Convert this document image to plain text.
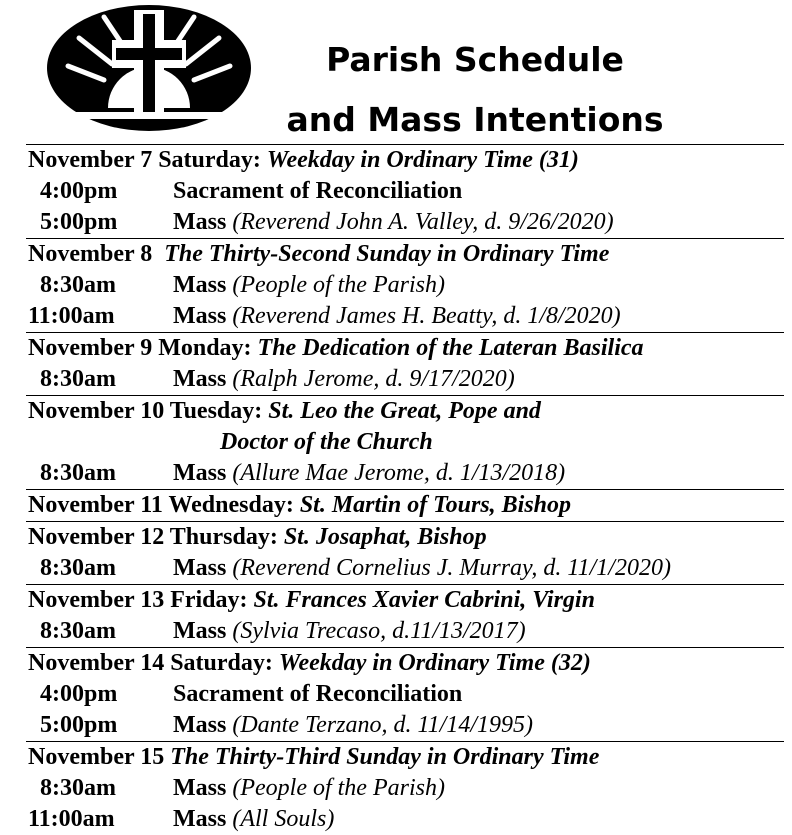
Parish Schedule
and Mass Intentions
November 7 Saturday: Weekday in Ordinary Time (31)
4:00pm Sacrament of Reconciliation
5:00pm Mass (Reverend John A. Valley, d. 9/26/2020)
November 8 The Thirty-Second Sunday in Ordinary Time
8:30am Mass (People of the Parish)
11:00am Mass (Reverend James H. Beatty, d. 1/8/2020)
November 9 Monday: The Dedication of the Lateran Basilica
8:30am Mass (Ralph Jerome, d. 9/17/2020)
November 10 Tuesday: St. Leo the Great, Pope and
Doctor of the Church
8:30am Mass (Allure Mae Jerome, d. 1/13/2018)
November 11 Wednesday: St. Martin of Tours, Bishop
November 12 Thursday: St. Josaphat, Bishop
8:30am Mass (Reverend Cornelius J. Murray, d. 11/1/2020)
November 13 Friday: St. Frances Xavier Cabrini, Virgin
8:30am Mass (Sylvia Trecaso, d.11/13/2017)
November 14 Saturday: Weekday in Ordinary Time (32)
4:00pm Sacrament of Reconciliation
5:00pm Mass (Dante Terzano, d. 11/14/1995)
November 15 The Thirty-Third Sunday in Ordinary Time
8:30am Mass (People of the Parish)
11:00am Mass (All Souls)
